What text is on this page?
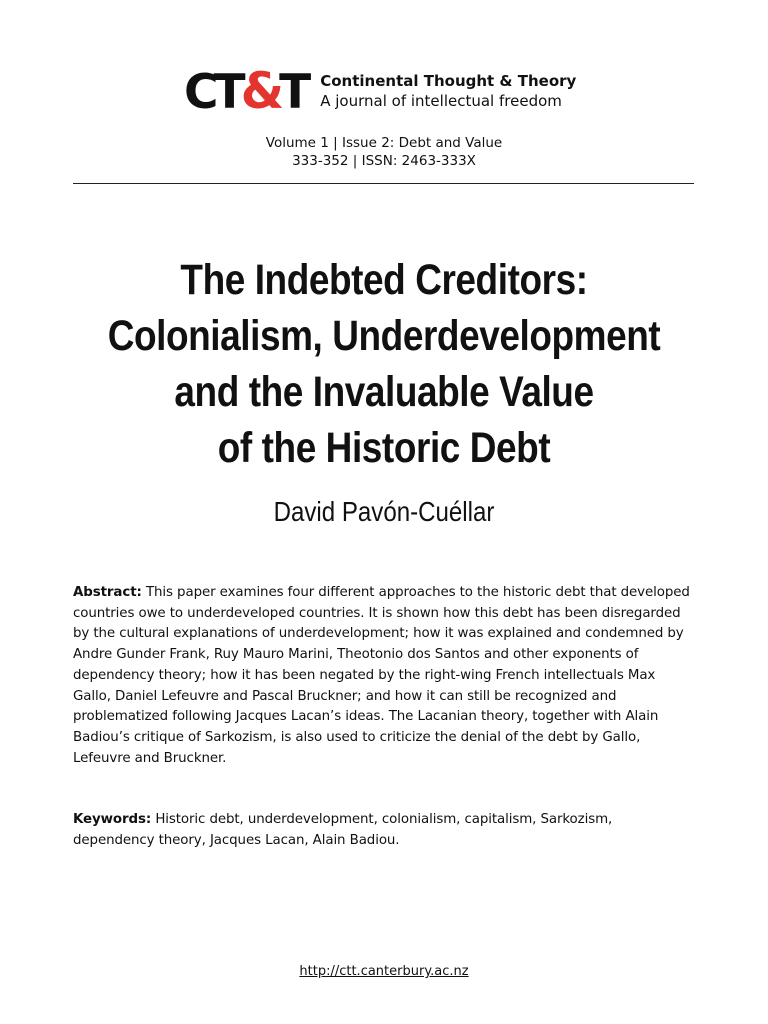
CT&T Continental Thought & Theory
A journal of intellectual freedom
Volume 1 | Issue 2: Debt and Value
333-352 | ISSN: 2463-333X
The Indebted Creditors:
Colonialism, Underdevelopment
and the Invaluable Value
of the Historic Debt
David Pavón-Cuéllar

Abstract: This paper examines four different approaches to the historic debt that developed countries owe to underdeveloped countries. It is shown how this debt has been disregarded by the cultural explanations of underdevelopment; how it was explained and condemned by Andre Gunder Frank, Ruy Mauro Marini, Theotonio dos Santos and other exponents of dependency theory; how it has been negated by the right-wing French intellectuals Max Gallo, Daniel Lefeuvre and Pascal Bruckner; and how it can still be recognized and problematized following Jacques Lacan’s ideas. The Lacanian theory, together with Alain Badiou’s critique of Sarkozism, is also used to criticize the denial of the debt by Gallo, Lefeuvre and Bruckner.

Keywords: Historic debt, underdevelopment, colonialism, capitalism, Sarkozism, dependency theory, Jacques Lacan, Alain Badiou.

http://ctt.canterbury.ac.nz
